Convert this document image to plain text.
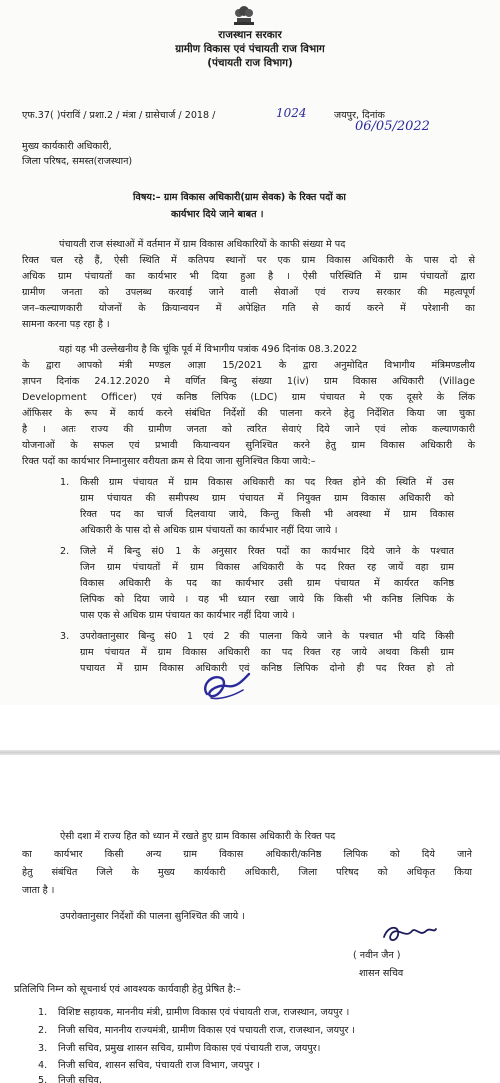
राजस्थान सरकार
ग्रामीण विकास एवं पंचायती राज विभाग
(पंचायती राज विभाग)
एफ.37( )पंराविं / प्रशा.2 / मंत्रा / ग्रासेचार्ज / 2018 /	1024	जयपुर, दिनांक
06/05/2022
मुख्य कार्यकारी अधिकारी,
जिला परिषद, समस्त(राजस्थान)
विषय:– ग्राम विकास अधिकारी(ग्राम सेवक) के रिक्त पदों का
कार्यभार दिये जाने बाबत ।
पंचायती राज संस्थाओं में वर्तमान में ग्राम विकास अधिकारियों के काफी संख्या मे पद
रिक्त चल रहे हैं, ऐसी स्थिति में कतिपय स्थानों पर एक ग्राम विकास अधिकारी के पास दो से
अधिक ग्राम पंचायतों का कार्यभार भी दिया हुआ है । ऐसी परिस्थिति में ग्राम पंचायतों द्वारा
ग्रामीण जनता को उपलब्ध करवाई जाने वाली सेवाओं एवं राज्य सरकार की महत्वपूर्ण
जन–कल्याणकारी योजनों के क्रियान्वयन में अपेक्षित गति से कार्य करने में परेशानी का
सामना करना पड़ रहा है ।
यहां यह भी उल्लेखनीय है कि चूंकि पूर्व में विभागीय पत्रांक 496 दिनांक 08.3.2022
के द्वारा आपको मंत्री मण्डल आज्ञा 15/2021 के द्वारा अनुमोदित विभागीय मंत्रिमण्डलीय
ज्ञापन दिनांक 24.12.2020 मे वर्णित बिन्दु संख्या 1(iv) ग्राम विकास अधिकारी (Village
Development Officer) एवं कनिष्ठ लिपिक (LDC) ग्राम पंचायत मे एक दूसरे के लिंक
ऑफिसर के रूप में कार्य करने संबंधित निर्देशों की पालना करने हेतु निर्देशित किया जा चुका
है । अतः राज्य की ग्रामीण जनता को त्वरित सेवाएं दिये जाने एवं लोक कल्याणकारी
योजनाओं के सफल एवं प्रभावी कियान्वयन सुनिश्चित करने हेतु ग्राम विकास अधिकारी के
रिक्त पदों का कार्यभार निम्नानुसार वरीयता क्रम से दिया जाना सुनिश्चित किया जाये:–
1. किसी ग्राम पंचायत में ग्राम विकास अधिकारी का पद रिक्त होने की स्थिति में उस
ग्राम पंचायत की समीपस्थ ग्राम पंचायत में नियुक्त ग्राम विकास अधिकारी को
रिक्त पद का चार्ज दिलवाया जाये, किन्तु किसी भी अवस्था में ग्राम विकास
अधिकारी के पास दो से अधिक ग्राम पंचायतों का कार्यभार नहीं दिया जाये ।
2. जिले में बिन्दु सं0 1 के अनुसार रिक्त पदों का कार्यभार दिये जाने के पश्चात
जिन ग्राम पंचायतों में ग्राम विकास अधिकारी के पद रिक्त रह जायें वहा ग्राम
विकास अधिकारी के पद का कार्यभार उसी ग्राम पंचायत में कार्यरत कनिष्ठ
लिपिक को दिया जाये । यह भी ध्यान रखा जाये कि किसी भी कनिष्ठ लिपिक के
पास एक से अधिक ग्राम पंचायत का कार्यभार नहीं दिया जाये ।
3. उपरोक्तानुसार बिन्दु सं0 1 एवं 2 की पालना किये जाने के पश्चात भी यदि किसी
ग्राम पंचायत में ग्राम विकास अधिकारी का पद रिक्त रह जाये अथवा किसी ग्राम
पचायत में ग्राम विकास अधिकारी एवं कनिष्ठ लिपिक दोनो ही पद रिक्त हो तो
ऐसी दशा में राज्य हित को ध्यान में रखते हुए ग्राम विकास अधिकारी के रिक्त पद
का कार्यभार किसी अन्य ग्राम विकास अधिकारी/कनिष्ठ लिपिक को दिये जाने
हेतु संबंधित जिले के मुख्य कार्यकारी अधिकारी, जिला परिषद को अधिकृत किया
जाता है ।
उपरोक्तानुसार निर्देशों की पालना सुनिश्चित की जाये ।
( नवीन जैन )
शासन सचिव
प्रतिलिपि निम्न को सूचनार्थ एवं आवश्यक कार्यवाही हेतु प्रेषित है:–
1. विशिष्ट सहायक, माननीय मंत्री, ग्रामीण विकास एवं पंचायती राज, राजस्थान, जयपुर ।
2. निजी सचिव, माननीय राज्यमंत्री, ग्रामीण विकास एवं पचायती राज, राजस्थान, जयपुर ।
3. निजी सचिव, प्रमुख शासन सचिव, ग्रामीण विकास एवं पंचायती राज, जयपुर।
4. निजी सचिव, शासन सचिव, पंचायती राज विभाग, जयपुर ।
5. निजी सचिव,
